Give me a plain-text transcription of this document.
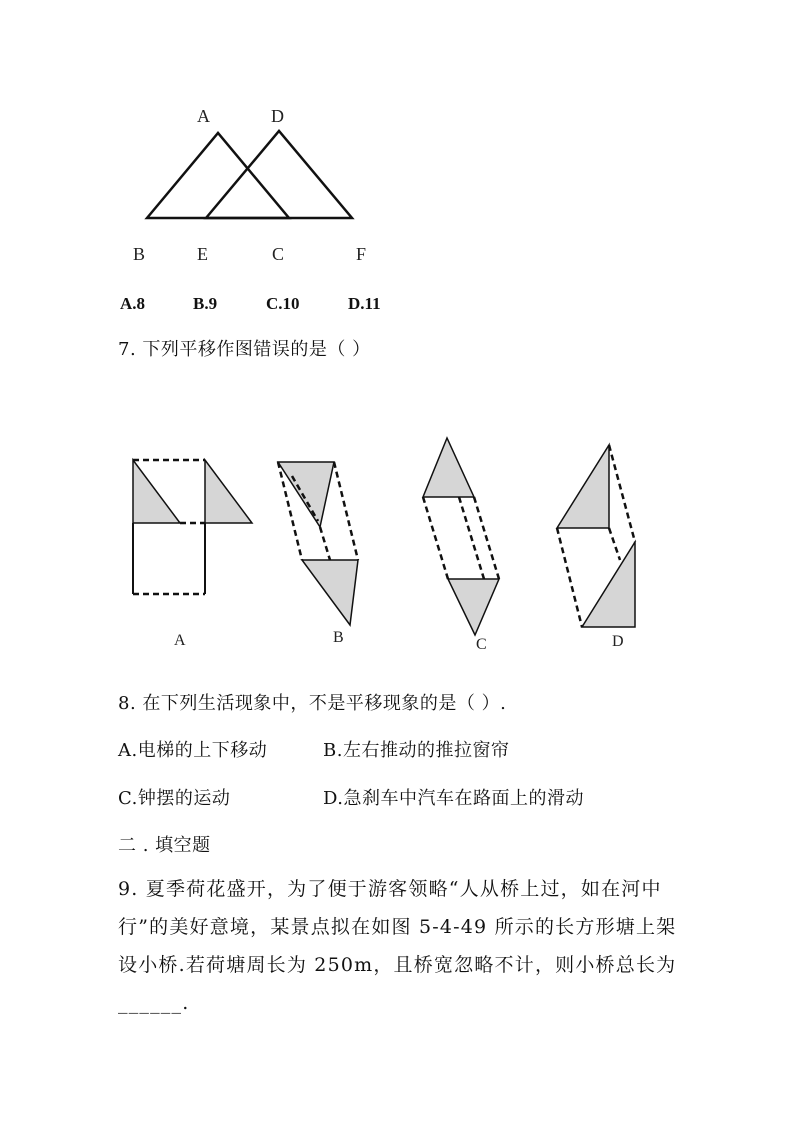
A	D
B	E	C	F
A.8	B.9	C.10	D.11
7. 下列平移作图错误的是（ ）
A	B	C	D
8. 在下列生活现象中，不是平移现象的是（ ）.
A.电梯的上下移动	B.左右推动的推拉窗帘
C.钟摆的运动	D.急刹车中汽车在路面上的滑动
二 . 填空题
9. 夏季荷花盛开，为了便于游客领略“人从桥上过，如在河中行”的美好意境，某景点拟在如图 5-4-49 所示的长方形塘上架设小桥.若荷塘周长为 250m，且桥宽忽略不计，则小桥总长为______.
